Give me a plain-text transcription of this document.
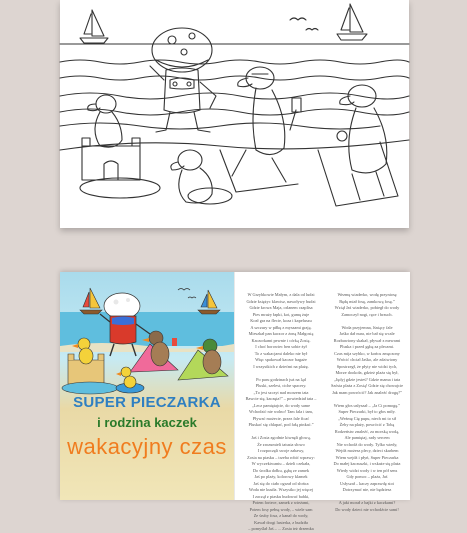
SUPER PIECZARKA
i rodzina kaczek
wakacyjny czas
W Grzybkowie Małym, z dala od ludzi
Gdzie księżyc klawisz, nawoływy budzi
Gdzie krowa Maja, orlanem czaplisa
Pies mruży łapki, kot, gumę żuje
Kozł gra na flecie, koza i kapeluszu
A szczury w piłkę z myszami grają.
Mieszkał pan kaczor z żoną Małgosią
Kaczorkami pewnie i córką Zosią.
I choć borowiec ben sobie żył
To z wakacjami daleko nie był
Więc spakował kaczor bagaże
I wszystkich z dziećmi na plażę.

Po paru godzinach już na ląd
Pluski, szelest, ciche spacery.
„To jest szczyt nad morzem tata
Bawcie się, kaczęta!” – powiedział tata –
„Lecz pamiętajcie, do wody same
Wchodzić nie wolno! Tam fala i tam,
Pływać możecie, przez fale ficać
Pluskać się chlapać, pod fałą pinkać.”

Jaś i Zosia zgodnie kiwnęli głową,
Że zrozumieli tatusia słowo
I rozpoczęli swoje zabawy,
Zosia na piasku – trzeba robić wprawy:
W wyczekiwaniu – dzieli czekała,
Do środka dołku, gąbę ze zamek
Jaś po plaży, kolorowy klamek
Jaś się do ciało ogrzał od słońca
Woda nie kusiła. Wszystko jej więcej
I zaczął z piasku budować babki,
Potem fortece, zamek z wieżami,
Potem fosy pełną wody, – wiele sam
Ze śruby fosa, z kanał do wody,
Kawał drogi lusterka, z budziła
– pomyślał Jaś – ... Zosia też drzemka
Wezmę wiaderko, wodę przyniosę
Będę miał fosę, zamkową fosę.”
Wziął Jaś wiaderko, pobiegł do wody
Zamoczył nogi, ręce i brzuch.

Woda przyjemna, lśniący fale
Jaśko dał nura, nie bał się wcale
Rozbawiony skakał, pływał z mewami
Pluska i przed gębą za plecami.
Czas mija szybko, w końcu zmęczony
Wrócić chciał Jaśko, ale zdziwiony
Spostrzegł, że płyty nie widzi tych,
Morze dookoła, gdzież plaża się był,
„Jędyj gdzie jesteś? Gdzie mama i tata
Szósta plaża z Zosią! Gdzie się chowajcie
Jak mam powrócić? Jak znaleźć drogę?”

Wtem głos usłyszał – „Ja Ci pomogę.”
Super Pieczarki, był to głos miły.
„Weźmę Cię pupu, niech mi to sił
Żeby na plaży, powrócić z Tobą
Rodzeństw znaleźć, za morską wodą,
Ale pamiętaj, rady sercem
Nie wchodź do wody. Tylko wtedy,
Wejdź możesz plecy, dzieci skarbem
Wtem wejdź i płyń, Super Pieczarka
Do małej kaczuszki, i wskaże się plaża
Wtedy widzi wody i w ten pół sens
Gdy pomoc – plaża, Jaś
Usłyszał – kaczy zaprawdę stoi
Dotrzymać nie, nie będziesz

A jaki morał z bajki z kaczkami?
Do wody dzieci nie wchodźcie sami!
